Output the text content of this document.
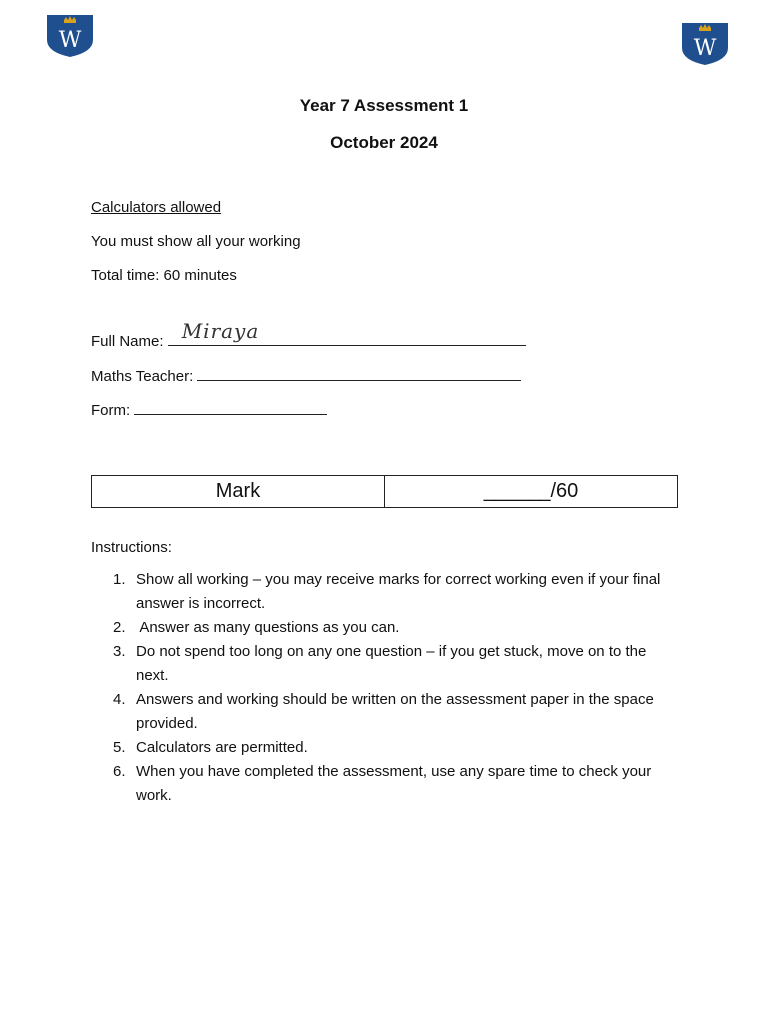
W	W
Year 7 Assessment 1
October 2024
Calculators allowed
You must show all your working
Total time: 60 minutes
Full Name: Miraya
Maths Teacher:
Form:
Mark	______/60
Instructions:
1. Show all working – you may receive marks for correct working even if your final answer is incorrect.
2. Answer as many questions as you can.
3. Do not spend too long on any one question – if you get stuck, move on to the next.
4. Answers and working should be written on the assessment paper in the space provided.
5. Calculators are permitted.
6. When you have completed the assessment, use any spare time to check your work.
